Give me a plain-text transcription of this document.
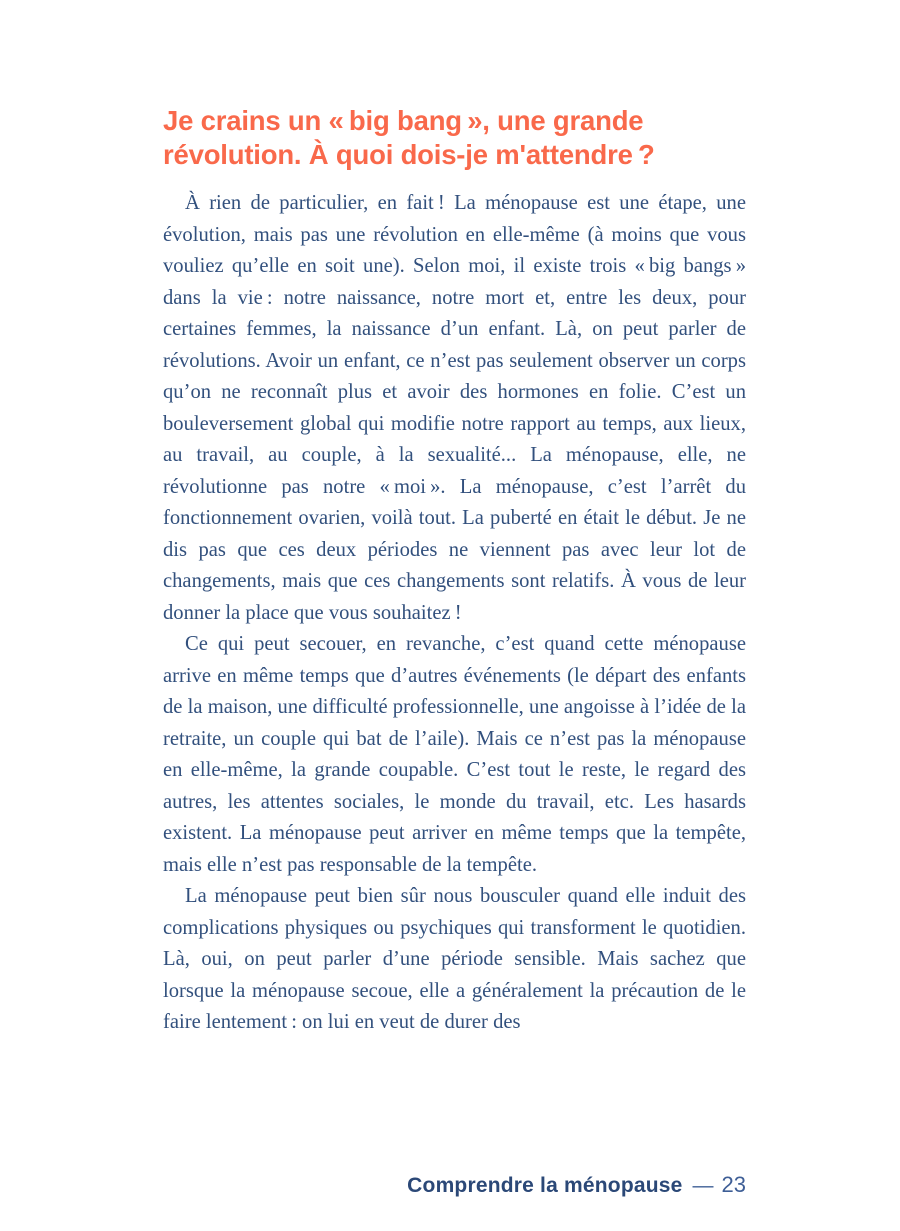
Je crains un « big bang », une grande
révolution. À quoi dois-je m'attendre ?

À rien de particulier, en fait ! La ménopause est une étape, une évolution, mais pas une révolution en elle-même (à moins que vous vouliez qu’elle en soit une). Selon moi, il existe trois « big bangs » dans la vie : notre naissance, notre mort et, entre les deux, pour certaines femmes, la naissance d’un enfant. Là, on peut parler de révolutions. Avoir un enfant, ce n’est pas seulement observer un corps qu’on ne reconnaît plus et avoir des hormones en folie. C’est un bouleversement global qui modifie notre rapport au temps, aux lieux, au travail, au couple, à la sexualité... La ménopause, elle, ne révolutionne pas notre « moi ». La ménopause, c’est l’arrêt du fonctionnement ovarien, voilà tout. La puberté en était le début. Je ne dis pas que ces deux périodes ne viennent pas avec leur lot de changements, mais que ces changements sont relatifs. À vous de leur donner la place que vous souhaitez !

Ce qui peut secouer, en revanche, c’est quand cette ménopause arrive en même temps que d’autres événements (le départ des enfants de la maison, une difficulté professionnelle, une angoisse à l’idée de la retraite, un couple qui bat de l’aile). Mais ce n’est pas la ménopause en elle-même, la grande coupable. C’est tout le reste, le regard des autres, les attentes sociales, le monde du travail, etc. Les hasards existent. La ménopause peut arriver en même temps que la tempête, mais elle n’est pas responsable de la tempête.

La ménopause peut bien sûr nous bousculer quand elle induit des complications physiques ou psychiques qui transforment le quotidien. Là, oui, on peut parler d’une période sensible. Mais sachez que lorsque la ménopause secoue, elle a généralement la précaution de le faire lentement : on lui en veut de durer des

Comprendre la ménopause — 23
